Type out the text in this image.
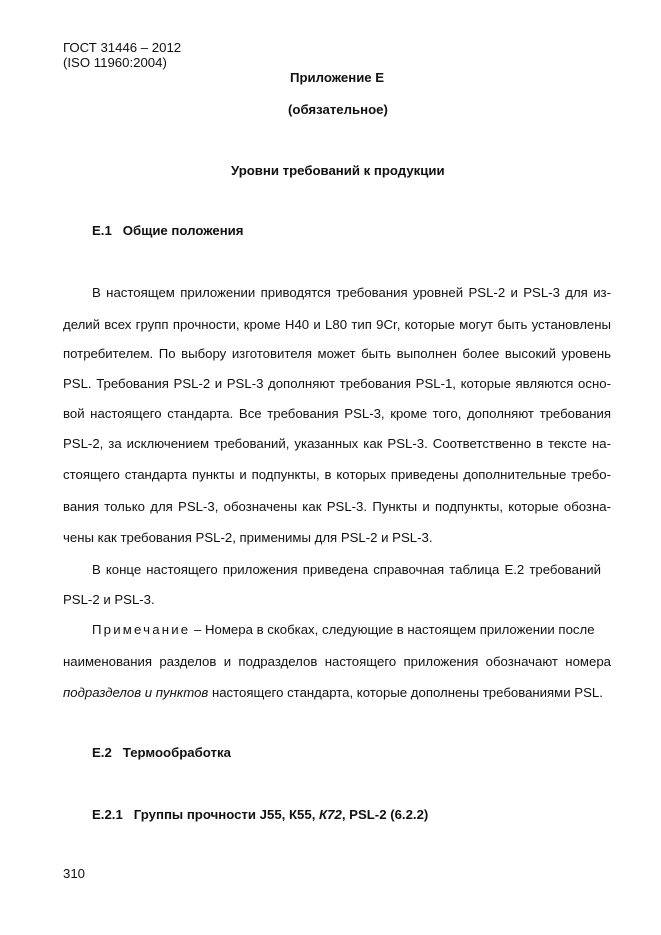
ГОСТ 31446 – 2012
(ISO 11960:2004)
Приложение Е
(обязательное)
Уровни требований к продукции
Е.1 Общие положения
В настоящем приложении приводятся требования уровней PSL-2 и PSL-3 для из-
делий всех групп прочности, кроме Н40 и L80 тип 9Cr, которые могут быть установлены
потребителем. По выбору изготовителя может быть выполнен более высокий уровень
PSL. Требования PSL-2 и PSL-3 дополняют требования PSL-1, которые являются осно-
вой настоящего стандарта. Все требования PSL-3, кроме того, дополняют требования
PSL-2, за исключением требований, указанных как PSL-3. Соответственно в тексте на-
стоящего стандарта пункты и подпункты, в которых приведены дополнительные требо-
вания только для PSL-3, обозначены как PSL-3. Пункты и подпункты, которые обозна-
чены как требования PSL-2, применимы для PSL-2 и PSL-3.
В конце настоящего приложения приведена справочная таблица Е.2 требований
PSL-2 и PSL-3.
Примечание – Номера в скобках, следующие в настоящем приложении после
наименования разделов и подразделов настоящего приложения обозначают номера
подразделов и пунктов настоящего стандарта, которые дополнены требованиями PSL.
Е.2 Термообработка
Е.2.1 Группы прочности J55, К55, К72, PSL-2 (6.2.2)
310
